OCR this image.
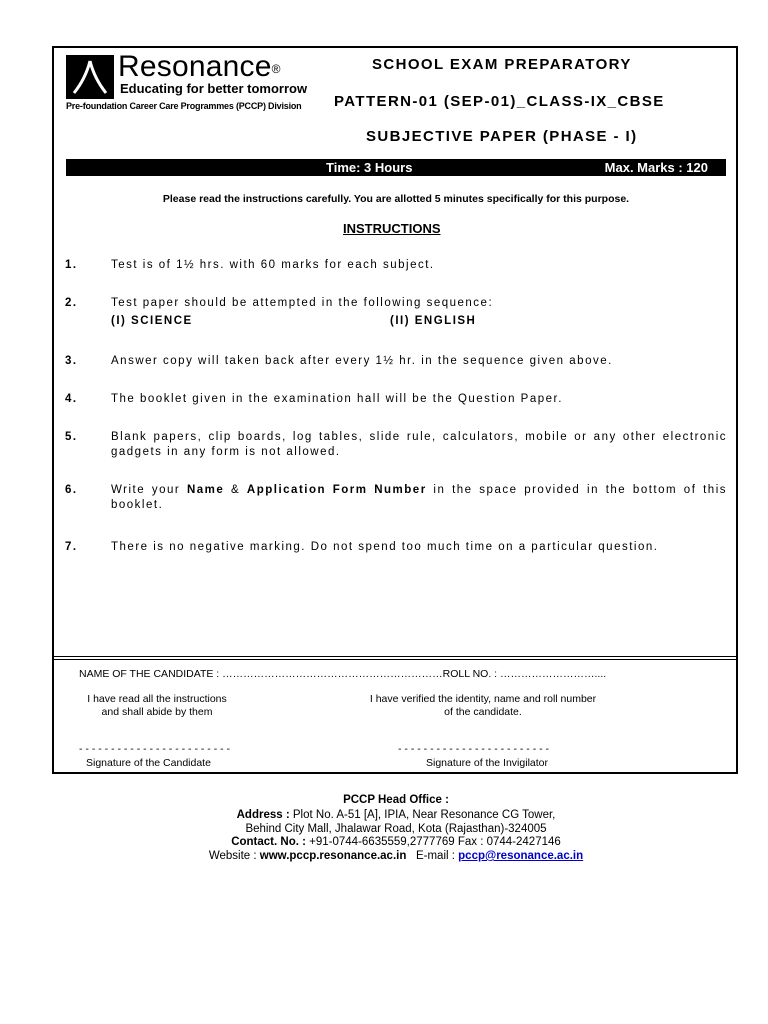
Resonance®
Educating for better tomorrow
Pre-foundation Career Care Programmes (PCCP) Division
SCHOOL EXAM PREPARATORY
PATTERN-01 (SEP-01)_CLASS-IX_CBSE
SUBJECTIVE PAPER (PHASE - I)
Time: 3 Hours	Max. Marks : 120
Please read the instructions carefully. You are allotted 5 minutes specifically for this purpose.
INSTRUCTIONS
1.	Test is of 1½ hrs. with 60 marks for each subject.
2.	Test paper should be attempted in the following sequence:
(I) SCIENCE	(II) ENGLISH
3.	Answer copy will taken back after every 1½ hr. in the sequence given above.
4.	The booklet given in the examination hall will be the Question Paper.
5.	Blank papers, clip boards, log tables, slide rule, calculators, mobile or any other electronic gadgets in any form is not allowed.
6.	Write your Name & Application Form Number in the space provided in the bottom of this booklet.
7.	There is no negative marking. Do not spend too much time on a particular question.
NAME OF THE CANDIDATE : ………………………………………………………ROLL NO. : ………………………....
I have read all the instructions
and shall abide by them
I have verified the identity, name and roll number
of the candidate.
- - - - - - - - - - - - - - - - - - - - - - - -	- - - - - - - - - - - - - - - - - - - - - - - -
Signature of the Candidate	Signature of the Invigilator
PCCP Head Office :
Address : Plot No. A-51 [A], IPIA, Near Resonance CG Tower,
Behind City Mall, Jhalawar Road, Kota (Rajasthan)-324005
Contact. No. : +91-0744-6635559,2777769 Fax : 0744-2427146
Website : www.pccp.resonance.ac.in E-mail : pccp@resonance.ac.in
